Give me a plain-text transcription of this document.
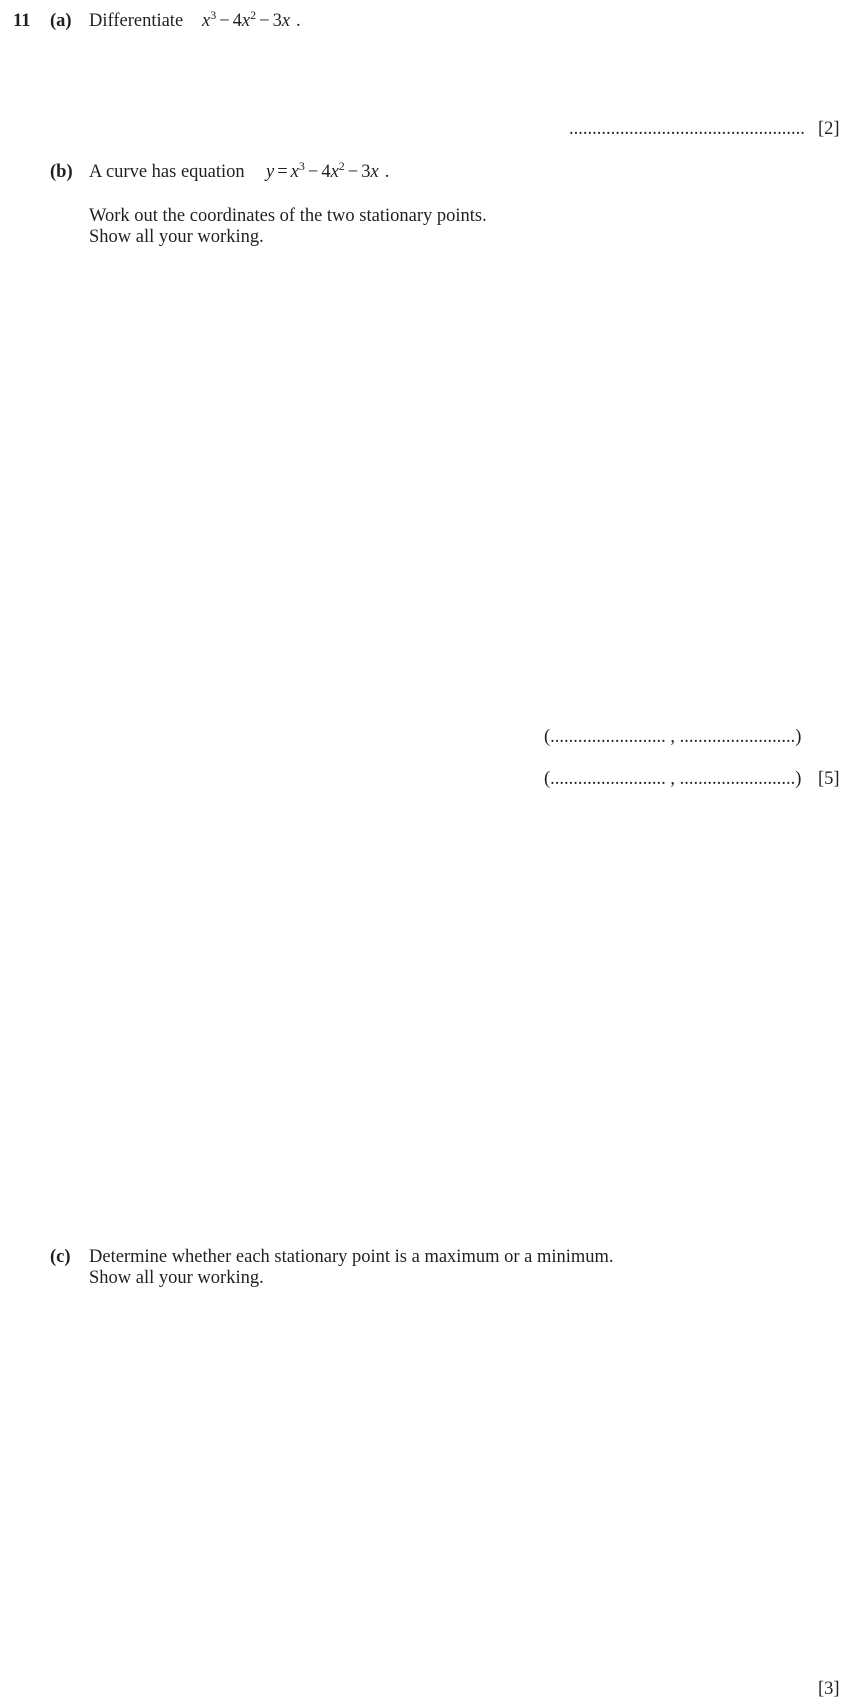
11 (a) Differentiate $x^3 - 4x^2 - 3x$ .
................................................... [2]
(b) A curve has equation $y = x^3 - 4x^2 - 3x$ .
Work out the coordinates of the two stationary points.
Show all your working.
(......................... , .........................)
(......................... , .........................) [5]
(c) Determine whether each stationary point is a maximum or a minimum.
Show all your working.
[3]
